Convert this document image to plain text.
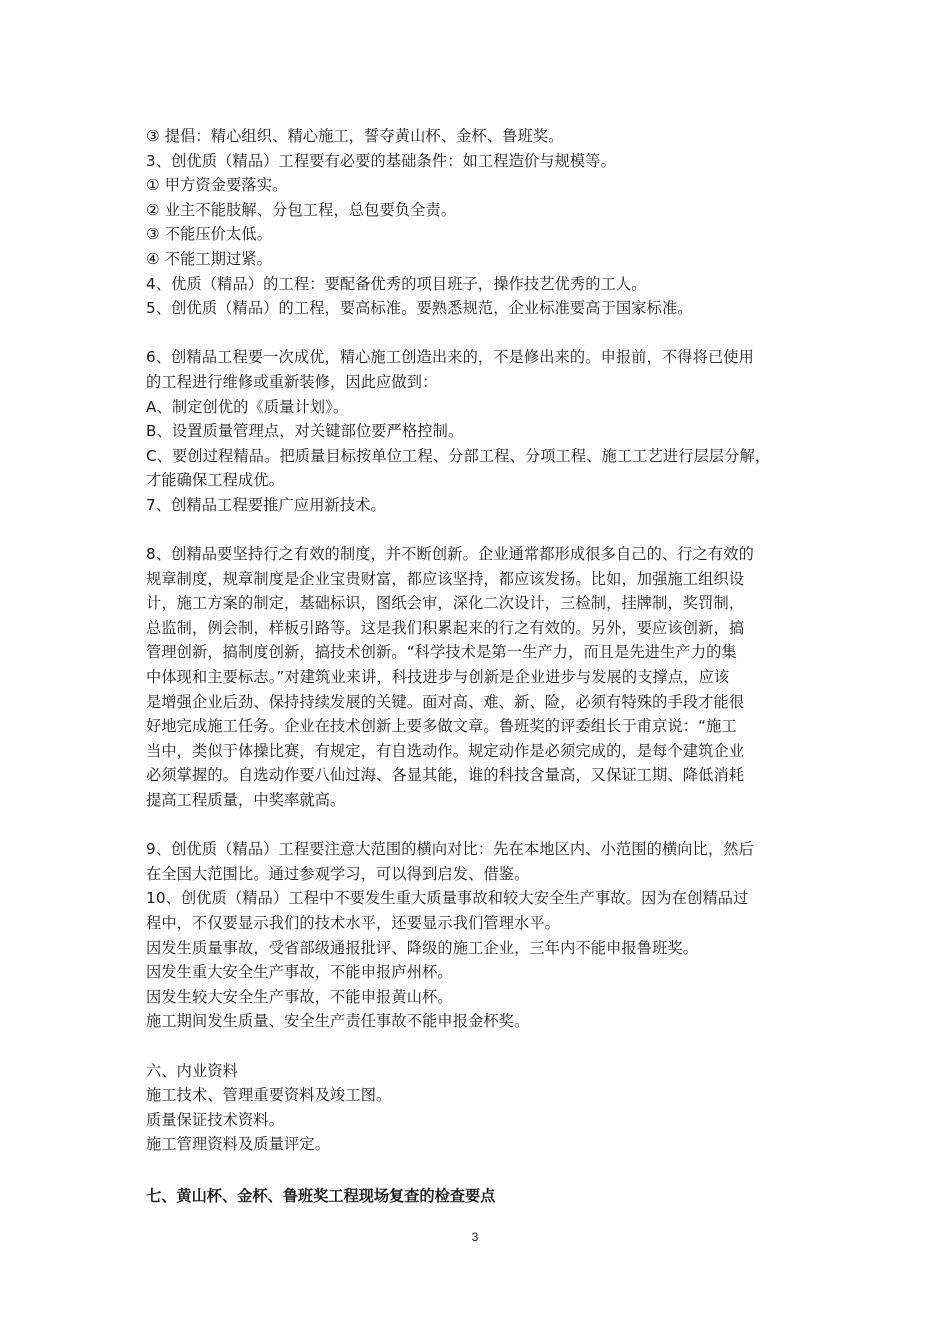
③ 提倡：精心组织、精心施工，誓夺黄山杯、金杯、鲁班奖。
3、创优质（精品）工程要有必要的基础条件：如工程造价与规模等。
① 甲方资金要落实。
② 业主不能肢解、分包工程，总包要负全责。
③ 不能压价太低。
④ 不能工期过紧。
4、优质（精品）的工程：要配备优秀的项目班子，操作技艺优秀的工人。
5、创优质（精品）的工程，要高标准。要熟悉规范，企业标准要高于国家标准。
6、创精品工程要一次成优，精心施工创造出来的，不是修出来的。申报前，不得将已使用
的工程进行维修或重新装修，因此应做到：
A、制定创优的《质量计划》。
B、设置质量管理点，对关键部位要严格控制。
C、要创过程精品。把质量目标按单位工程、分部工程、分项工程、施工工艺进行层层分解，
才能确保工程成优。
7、创精品工程要推广应用新技术。
8、创精品要坚持行之有效的制度，并不断创新。企业通常都形成很多自己的、行之有效的
规章制度，规章制度是企业宝贵财富，都应该坚持，都应该发扬。比如，加强施工组织设
计，施工方案的制定，基础标识，图纸会审，深化二次设计，三检制，挂牌制，奖罚制，
总监制，例会制，样板引路等。这是我们积累起来的行之有效的。另外，要应该创新，搞
管理创新，搞制度创新，搞技术创新。“科学技术是第一生产力，而且是先进生产力的集
中体现和主要标志。”对建筑业来讲，科技进步与创新是企业进步与发展的支撑点，应该
是增强企业后劲、保持持续发展的关键。面对高、难、新、险，必须有特殊的手段才能很
好地完成施工任务。企业在技术创新上要多做文章。鲁班奖的评委组长于甫京说：“施工
当中，类似于体操比赛，有规定，有自选动作。规定动作是必须完成的，是每个建筑企业
必须掌握的。自选动作要八仙过海、各显其能，谁的科技含量高，又保证工期、降低消耗
提高工程质量，中奖率就高。
9、创优质（精品）工程要注意大范围的横向对比：先在本地区内、小范围的横向比，然后
在全国大范围比。通过参观学习，可以得到启发、借鉴。
10、创优质（精品）工程中不要发生重大质量事故和较大安全生产事故。因为在创精品过
程中，不仅要显示我们的技术水平，还要显示我们管理水平。
因发生质量事故，受省部级通报批评、降级的施工企业，三年内不能申报鲁班奖。
因发生重大安全生产事故，不能申报庐州杯。
因发生较大安全生产事故，不能申报黄山杯。
施工期间发生质量、安全生产责任事故不能申报金杯奖。
六、内业资料
施工技术、管理重要资料及竣工图。
质量保证技术资料。
施工管理资料及质量评定。
七、黄山杯、金杯、鲁班奖工程现场复查的检查要点
3
